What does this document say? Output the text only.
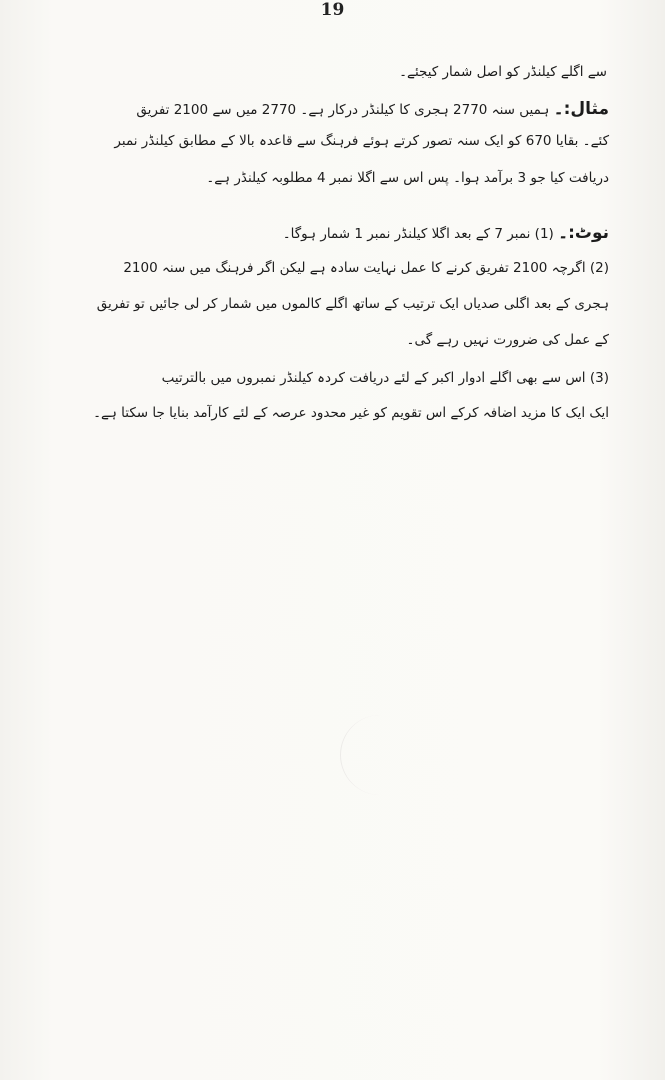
19
سے اگلے کیلنڈر کو اصل شمار کیجئے۔
مثال:۔ ہمیں سنہ 2770 ہجری کا کیلنڈر درکار ہے۔ 2770 میں سے 2100 تفریق
کئے۔ بقایا 670 کو ایک سنہ تصور کرتے ہوئے فرہنگ سے قاعدہ بالا کے مطابق کیلنڈر نمبر
دریافت کیا جو 3 برآمد ہوا۔ پس اس سے اگلا نمبر 4 مطلوبہ کیلنڈر ہے۔
نوٹ:۔ (1) نمبر 7 کے بعد اگلا کیلنڈر نمبر 1 شمار ہوگا۔
(2) اگرچہ 2100 تفریق کرنے کا عمل نہایت سادہ ہے لیکن اگر فرہنگ میں سنہ 2100
ہجری کے بعد اگلی صدیاں ایک ترتیب کے ساتھ اگلے کالموں میں شمار کر لی جائیں تو تفریق
کے عمل کی ضرورت نہیں رہے گی۔
(3) اس سے بھی اگلے ادوار اکبر کے لئے دریافت کردہ کیلنڈر نمبروں میں بالترتیب
ایک ایک کا مزید اضافہ کرکے اس تقویم کو غیر محدود عرصہ کے لئے کارآمد بنایا جا سکتا ہے۔
